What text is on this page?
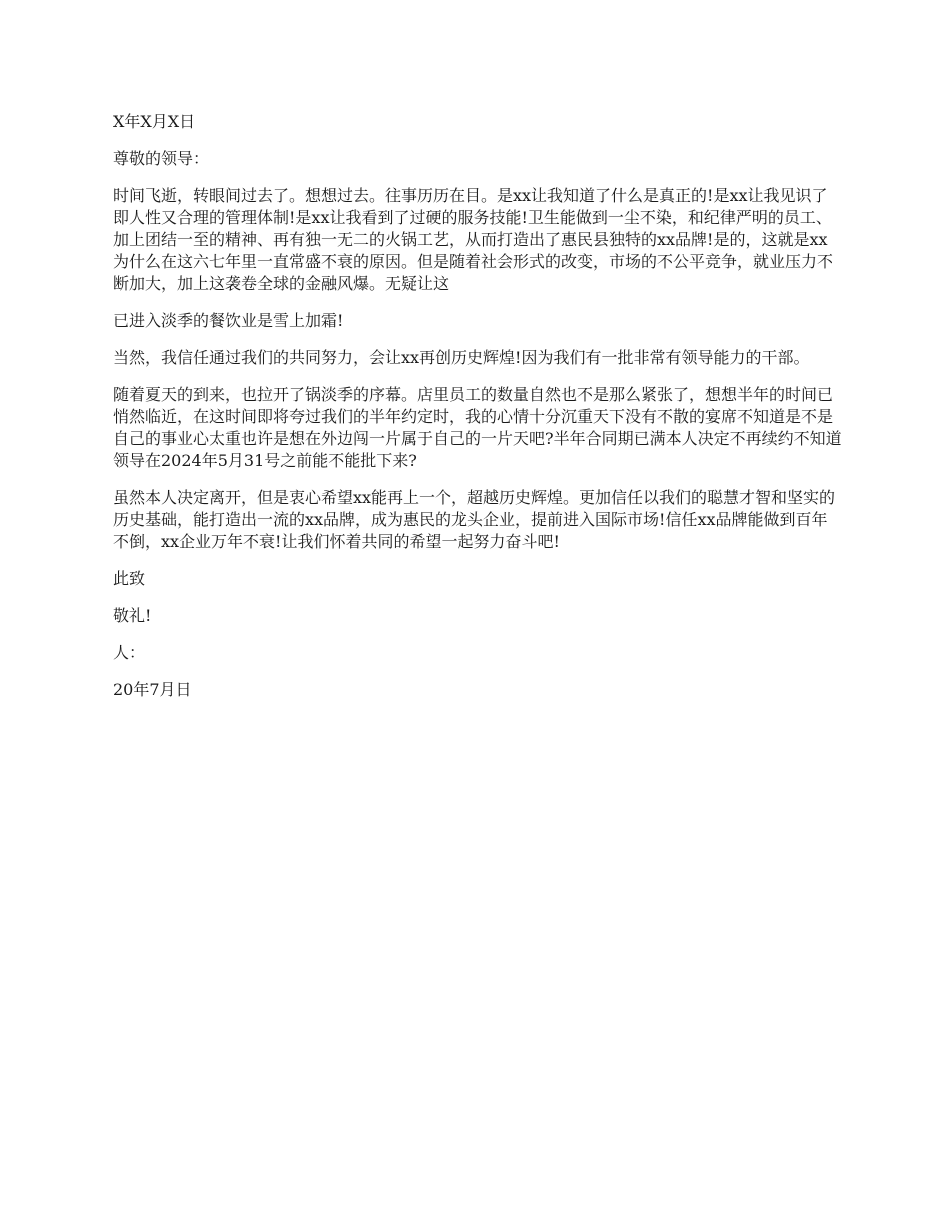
X年X月X日

尊敬的领导：

时间飞逝，转眼间过去了。想想过去。往事历历在目。是xx让我知道了什么是真正的!是xx让我见识了即人性又合理的管理体制!是xx让我看到了过硬的服务技能!卫生能做到一尘不染，和纪律严明的员工、加上团结一至的精神、再有独一无二的火锅工艺，从而打造出了惠民县独特的xx品牌!是的，这就是xx为什么在这六七年里一直常盛不衰的原因。但是随着社会形式的改变，市场的不公平竞争，就业压力不断加大，加上这袭卷全球的金融风爆。无疑让这

已进入淡季的餐饮业是雪上加霜!

当然，我信任通过我们的共同努力，会让xx再创历史辉煌!因为我们有一批非常有领导能力的干部。

随着夏天的到来，也拉开了锅淡季的序幕。店里员工的数量自然也不是那么紧张了，想想半年的时间已悄然临近，在这时间即将夸过我们的半年约定时，我的心情十分沉重天下没有不散的宴席不知道是不是自己的事业心太重也许是想在外边闯一片属于自己的一片天吧?半年合同期已满本人决定不再续约不知道领导在2024年5月31号之前能不能批下来?

虽然本人决定离开，但是衷心希望xx能再上一个，超越历史辉煌。更加信任以我们的聪慧才智和坚实的历史基础，能打造出一流的xx品牌，成为惠民的龙头企业，提前进入国际市场!信任xx品牌能做到百年不倒，xx企业万年不衰!让我们怀着共同的希望一起努力奋斗吧!

此致

敬礼!

人：

20年7月日
